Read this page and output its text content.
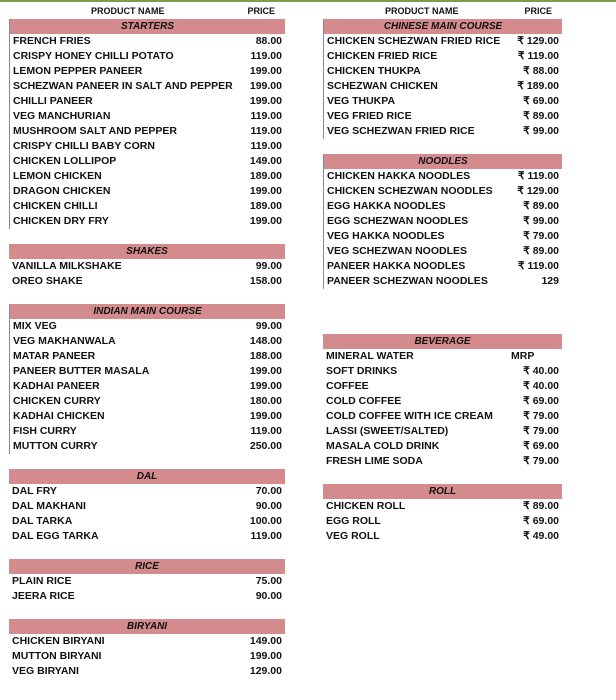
PRODUCT NAME	PRICE
STARTERS
FRENCH FRIES	88.00
CRISPY HONEY CHILLI POTATO	119.00
LEMON PEPPER PANEER	199.00
SCHEZWAN PANEER IN SALT AND PEPPER 199.00
CHILLI PANEER	199.00
VEG MANCHURIAN	119.00
MUSHROOM SALT AND PEPPER	119.00
CRISPY CHILLI BABY CORN	119.00
CHICKEN LOLLIPOP	149.00
LEMON CHICKEN	189.00
DRAGON CHICKEN	199.00
CHICKEN CHILLI	189.00
CHICKEN DRY FRY	199.00
SHAKES
VANILLA MILKSHAKE	99.00
OREO SHAKE	158.00
INDIAN MAIN COURSE
MIX VEG	99.00
VEG MAKHANWALA	148.00
MATAR PANEER	188.00
PANEER BUTTER MASALA	199.00
KADHAI PANEER	199.00
CHICKEN CURRY	180.00
KADHAI CHICKEN	199.00
FISH CURRY	119.00
MUTTON CURRY	250.00
DAL
DAL FRY	70.00
DAL MAKHANI	90.00
DAL TARKA	100.00
DAL EGG TARKA	119.00
RICE
PLAIN RICE	75.00
JEERA RICE	90.00
BIRYANI
CHICKEN BIRYANI	149.00
MUTTON BIRYANI	199.00
VEG BIRYANI	129.00
PRODUCT NAME	PRICE
CHINESE MAIN COURSE
CHICKEN SCHEZWAN FRIED RICE ₹ 129.00
CHICKEN FRIED RICE	₹ 119.00
CHICKEN THUKPA	₹ 88.00
SCHEZWAN CHICKEN	₹ 189.00
VEG THUKPA	₹ 69.00
VEG FRIED RICE	₹ 89.00
VEG SCHEZWAN FRIED RICE	₹ 99.00
NOODLES
CHICKEN HAKKA NOODLES	₹ 119.00
CHICKEN SCHEZWAN NOODLES ₹ 129.00
EGG HAKKA NOODLES	₹ 89.00
EGG SCHEZWAN NOODLES	₹ 99.00
VEG HAKKA NOODLES	₹ 79.00
VEG SCHEZWAN NOODLES	₹ 89.00
PANEER HAKKA NOODLES	₹ 119.00
PANEER SCHEZWAN NOODLES	129
BEVERAGE
MINERAL WATER	MRP
SOFT DRINKS	₹ 40.00
COFFEE	₹ 40.00
COLD COFFEE	₹ 69.00
COLD COFFEE WITH ICE CREAM	₹ 79.00
LASSI (SWEET/SALTED)	₹ 79.00
MASALA COLD DRINK	₹ 69.00
FRESH LIME SODA	₹ 79.00
ROLL
CHICKEN ROLL	₹ 89.00
EGG ROLL	₹ 69.00
VEG ROLL	₹ 49.00
